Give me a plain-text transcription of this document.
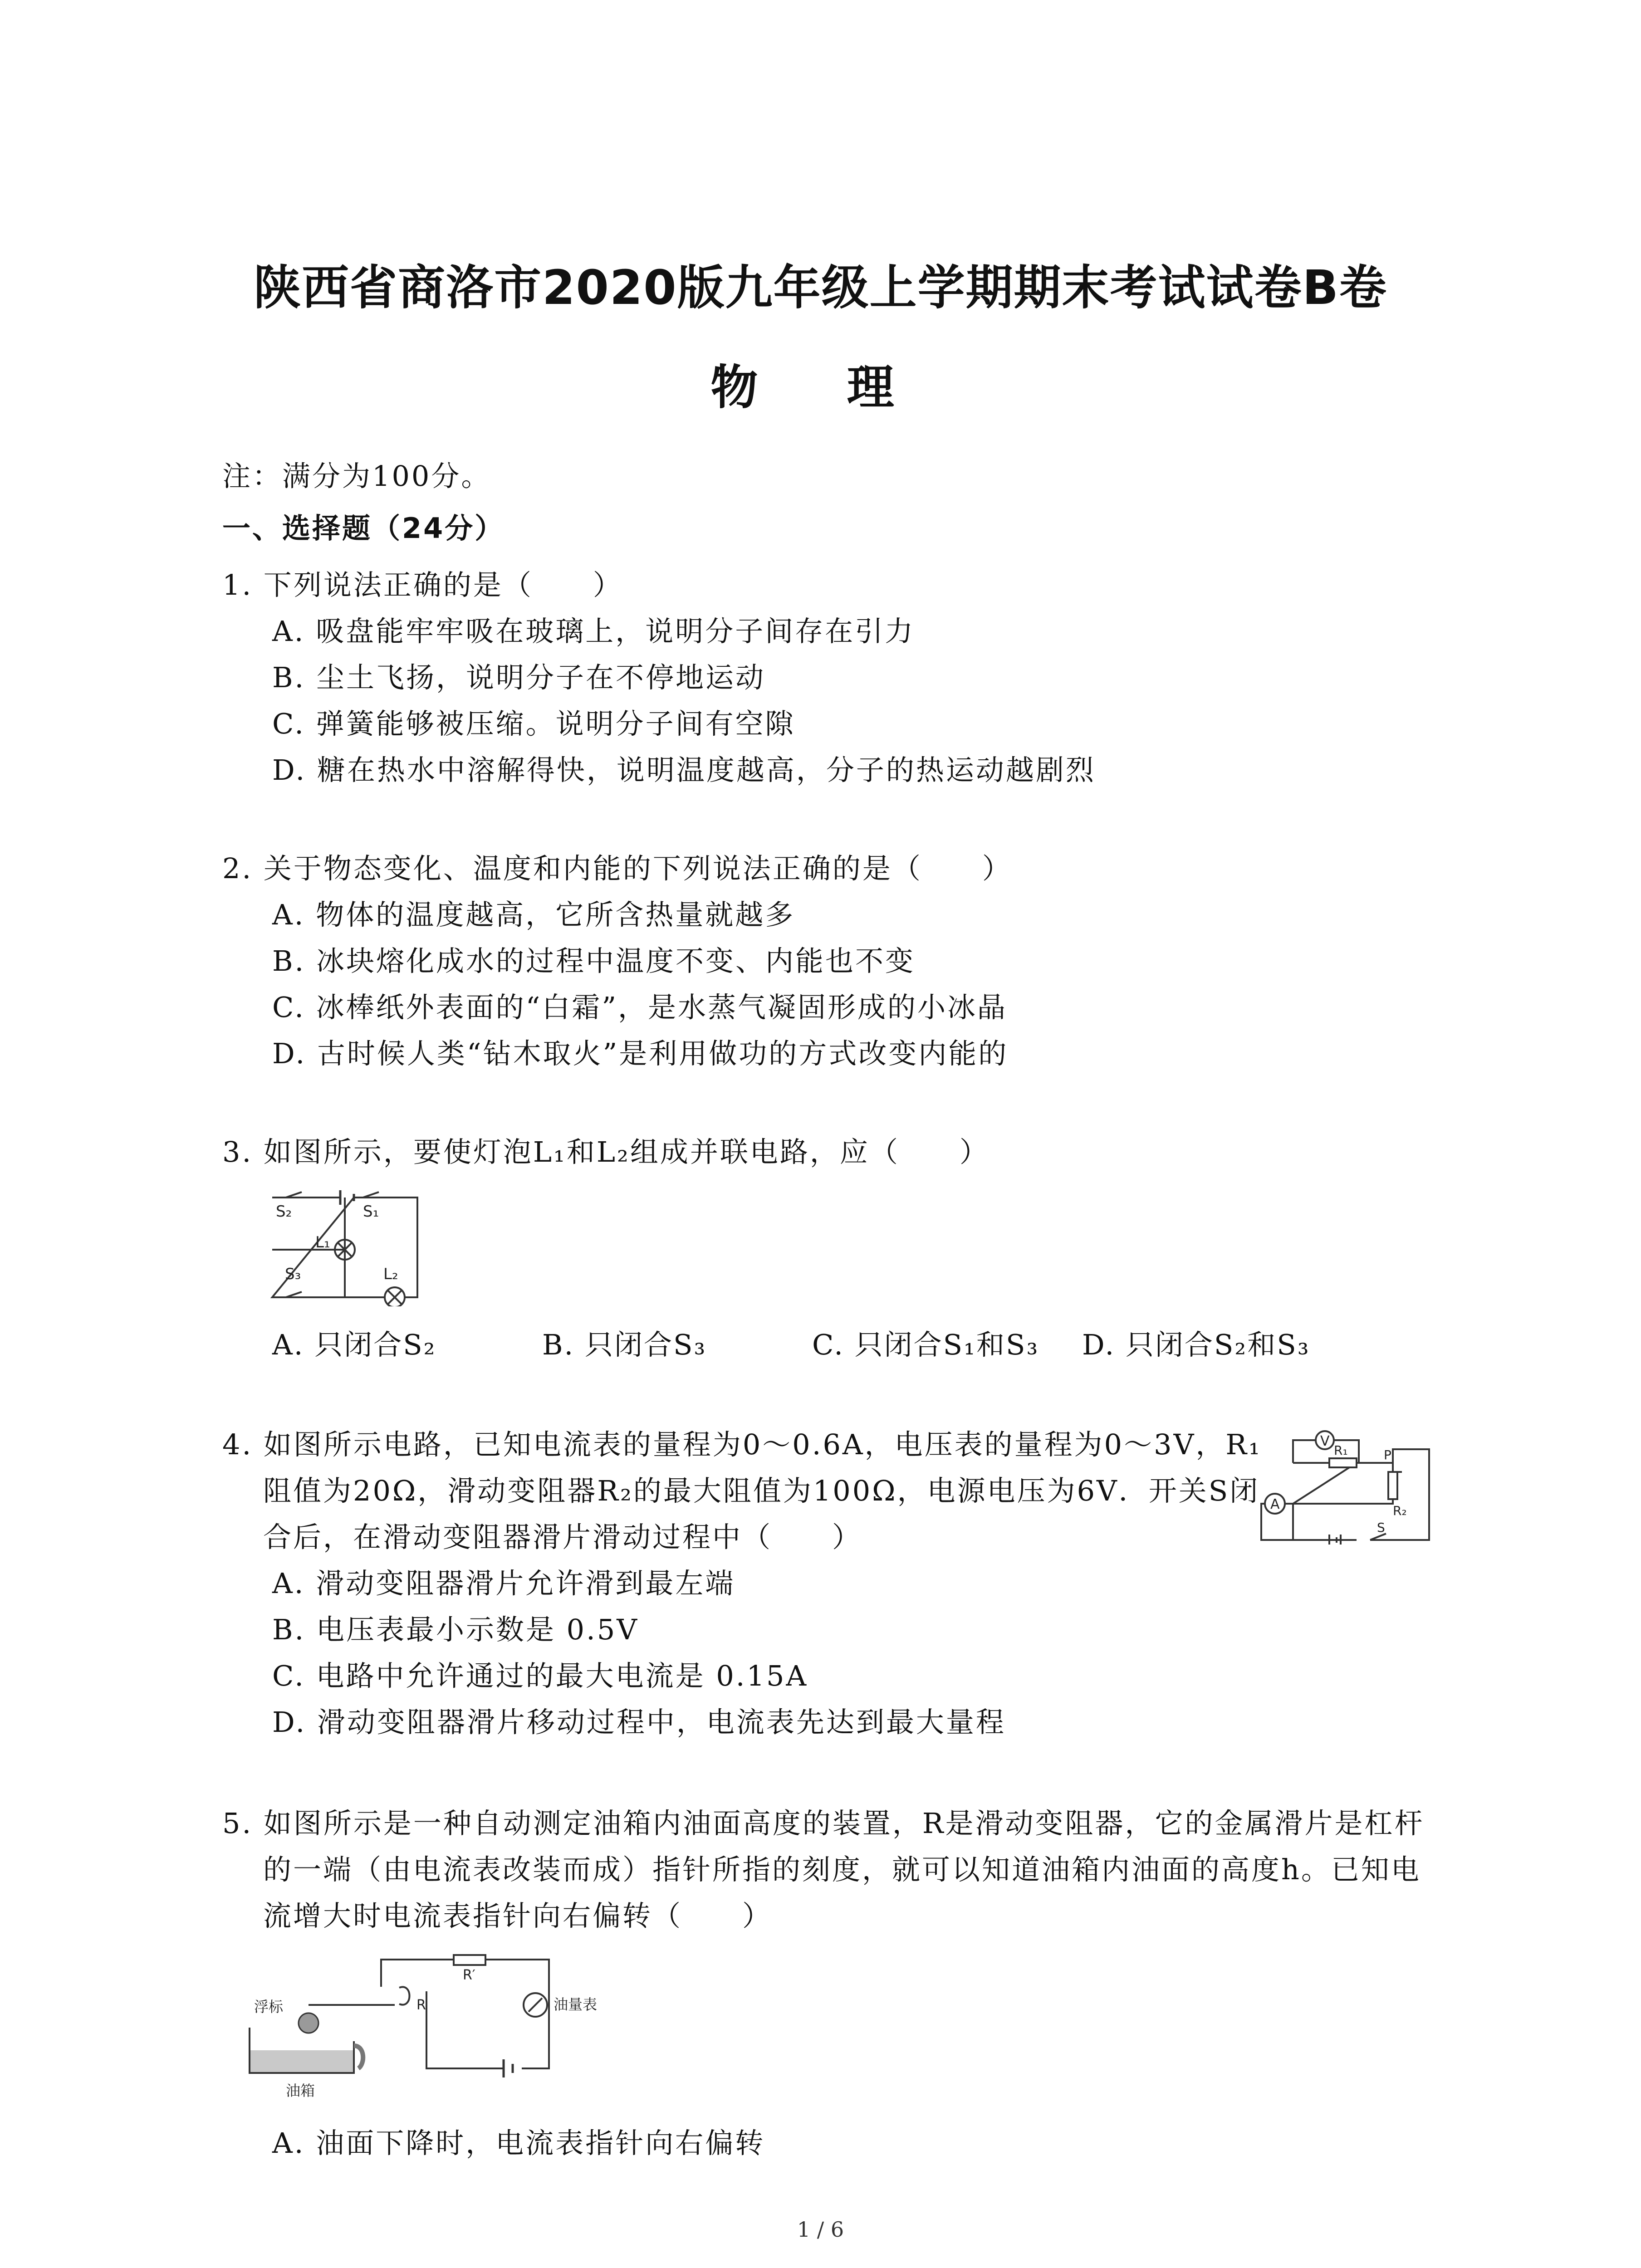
陕西省商洛市2020版九年级上学期期末考试试卷B卷
物 理
注：满分为100分。
一、选择题（24分）
1. 下列说法正确的是（　　）
A. 吸盘能牢牢吸在玻璃上，说明分子间存在引力
B. 尘土飞扬，说明分子在不停地运动
C. 弹簧能够被压缩。说明分子间有空隙
D. 糖在热水中溶解得快，说明温度越高，分子的热运动越剧烈
2. 关于物态变化、温度和内能的下列说法正确的是（　　）
A. 物体的温度越高，它所含热量就越多
B. 冰块熔化成水的过程中温度不变、内能也不变
C. 冰棒纸外表面的“白霜”，是水蒸气凝固形成的小冰晶
D. 古时候人类“钻木取火”是利用做功的方式改变内能的
3. 如图所示，要使灯泡L₁和L₂组成并联电路，应（　　）
S₂	S₁
L₁
S₃	L₂
A. 只闭合S₂	B. 只闭合S₃	C. 只闭合S₁和S₃ D. 只闭合S₂和S₃
4. 如图所示电路，已知电流表的量程为0～0.6A，电压表的量程为0～3V，R₁
阻值为20Ω，滑动变阻器R₂的最大阻值为100Ω，电源电压为6V．开关S闭
合后，在滑动变阻器滑片滑动过程中（　　）
V
R₁	P
R₂
A
S
A. 滑动变阻器滑片允许滑到最左端
B. 电压表最小示数是 0.5V
C. 电路中允许通过的最大电流是 0.15A
D. 滑动变阻器滑片移动过程中，电流表先达到最大量程
5. 如图所示是一种自动测定油箱内油面高度的装置，R是滑动变阻器，它的金属滑片是杠杆
的一端（由电流表改装而成）指针所指的刻度，就可以知道油箱内油面的高度h。已知电
流增大时电流表指针向右偏转（　　）
R′
R
浮标	油量表
油箱
A. 油面下降时，电流表指针向右偏转
1 / 6
